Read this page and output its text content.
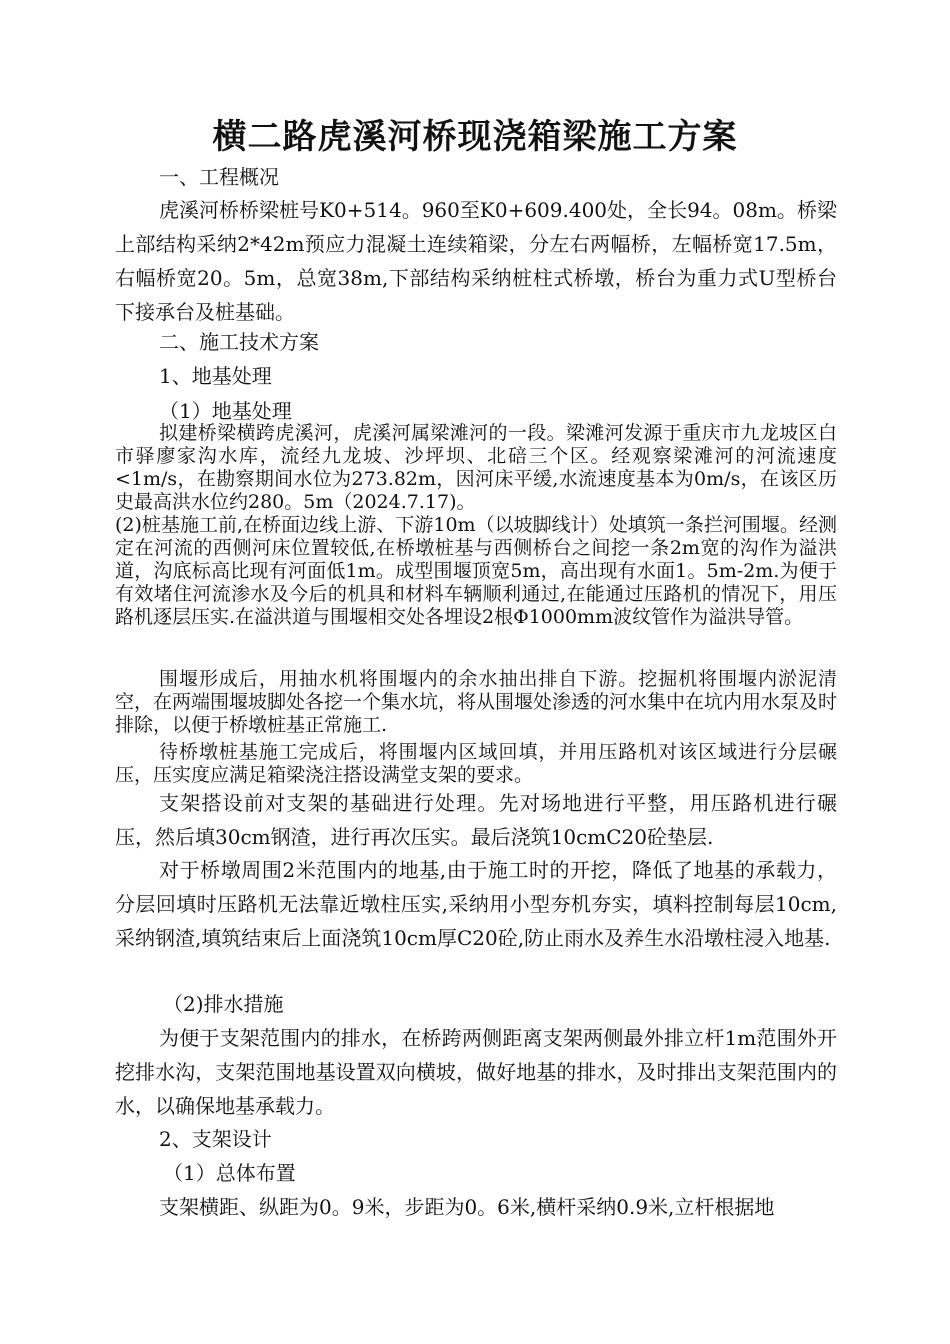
横二路虎溪河桥现浇箱梁施工方案

一、工程概况

虎溪河桥桥梁桩号K0+514。960至K0+609.400处，全长94。08m。桥梁上部结构采纳2*42m预应力混凝土连续箱梁，分左右两幅桥，左幅桥宽17.5m，右幅桥宽20。5m，总宽38m,下部结构采纳桩柱式桥墩，桥台为重力式U型桥台下接承台及桩基础。

二、施工技术方案

1、地基处理

（1）地基处理

拟建桥梁横跨虎溪河，虎溪河属梁滩河的一段。梁滩河发源于重庆市九龙坡区白市驿廖家沟水库，流经九龙坡、沙坪坝、北碚三个区。经观察梁滩河的河流速度<1m/s，在勘察期间水位为273.82m，因河床平缓,水流速度基本为0m/s，在该区历史最高洪水位约280。5m（2024.7.17)。

(2)桩基施工前,在桥面边线上游、下游10m（以坡脚线计）处填筑一条拦河围堰。经测定在河流的西侧河床位置较低,在桥墩桩基与西侧桥台之间挖一条2m宽的沟作为溢洪道，沟底标高比现有河面低1m。成型围堰顶宽5m，高出现有水面1。5m-2m.为便于有效堵住河流渗水及今后的机具和材料车辆顺利通过,在能通过压路机的情况下，用压路机逐层压实.在溢洪道与围堰相交处各埋设2根Φ1000mm波纹管作为溢洪导管。

围堰形成后，用抽水机将围堰内的余水抽出排自下游。挖掘机将围堰内淤泥清空，在两端围堰坡脚处各挖一个集水坑，将从围堰处渗透的河水集中在坑内用水泵及时排除，以便于桥墩桩基正常施工.

待桥墩桩基施工完成后，将围堰内区域回填，并用压路机对该区域进行分层碾压，压实度应满足箱梁浇注搭设满堂支架的要求。

支架搭设前对支架的基础进行处理。先对场地进行平整，用压路机进行碾压，然后填30cm钢渣，进行再次压实。最后浇筑10cmC20砼垫层.

对于桥墩周围2米范围内的地基,由于施工时的开挖，降低了地基的承载力，分层回填时压路机无法靠近墩柱压实,采纳用小型夯机夯实，填料控制每层10cm,采纳钢渣,填筑结束后上面浇筑10cm厚C20砼,防止雨水及养生水沿墩柱浸入地基.

（2)排水措施

为便于支架范围内的排水，在桥跨两侧距离支架两侧最外排立杆1m范围外开挖排水沟，支架范围地基设置双向横坡，做好地基的排水，及时排出支架范围内的水，以确保地基承载力。

2、支架设计

（1）总体布置

支架横距、纵距为0。9米，步距为0。6米,横杆采纳0.9米,立杆根据地
